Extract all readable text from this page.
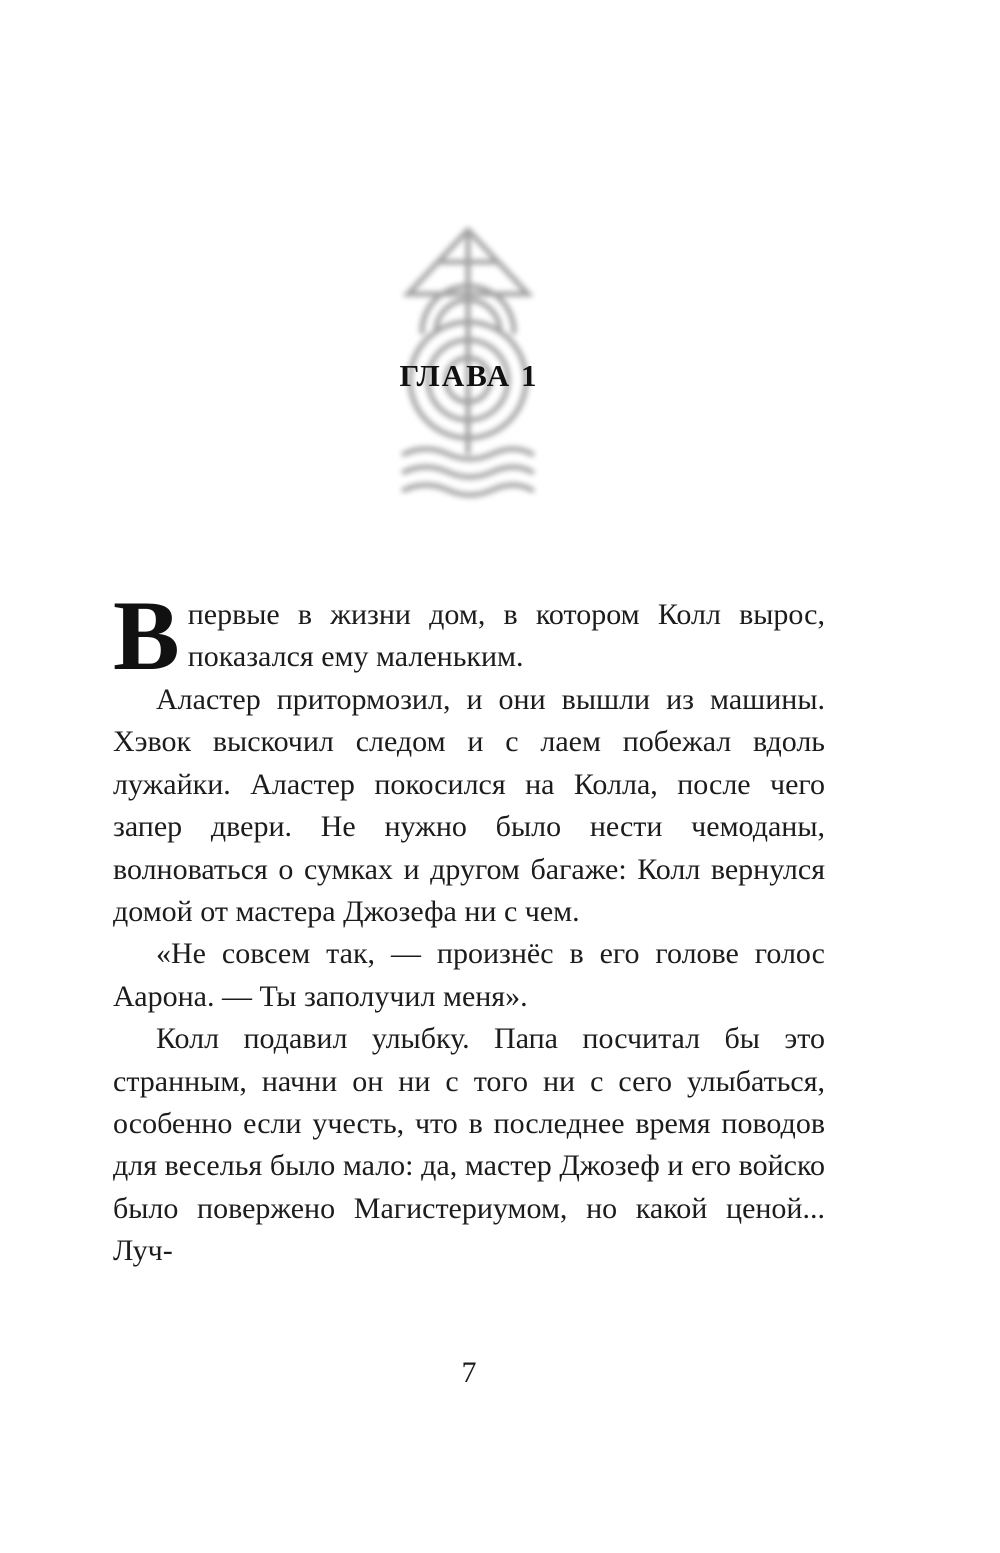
ГЛАВА 1

Впервые в жизни дом, в котором Колл вырос, показался ему маленьким.

Аластер притормозил, и они вышли из машины. Хэвок выскочил следом и с лаем побежал вдоль лужайки. Аластер покосился на Колла, после чего запер двери. Не нужно было нести чемоданы, волноваться о сумках и другом багаже: Колл вернулся домой от мастера Джозефа ни с чем.

«Не совсем так, — произнёс в его голове голос Аарона. — Ты заполучил меня».

Колл подавил улыбку. Папа посчитал бы это странным, начни он ни с того ни с сего улыбаться, особенно если учесть, что в последнее время поводов для веселья было мало: да, мастер Джозеф и его войско было повержено Магистериумом, но какой ценой... Луч-

7
